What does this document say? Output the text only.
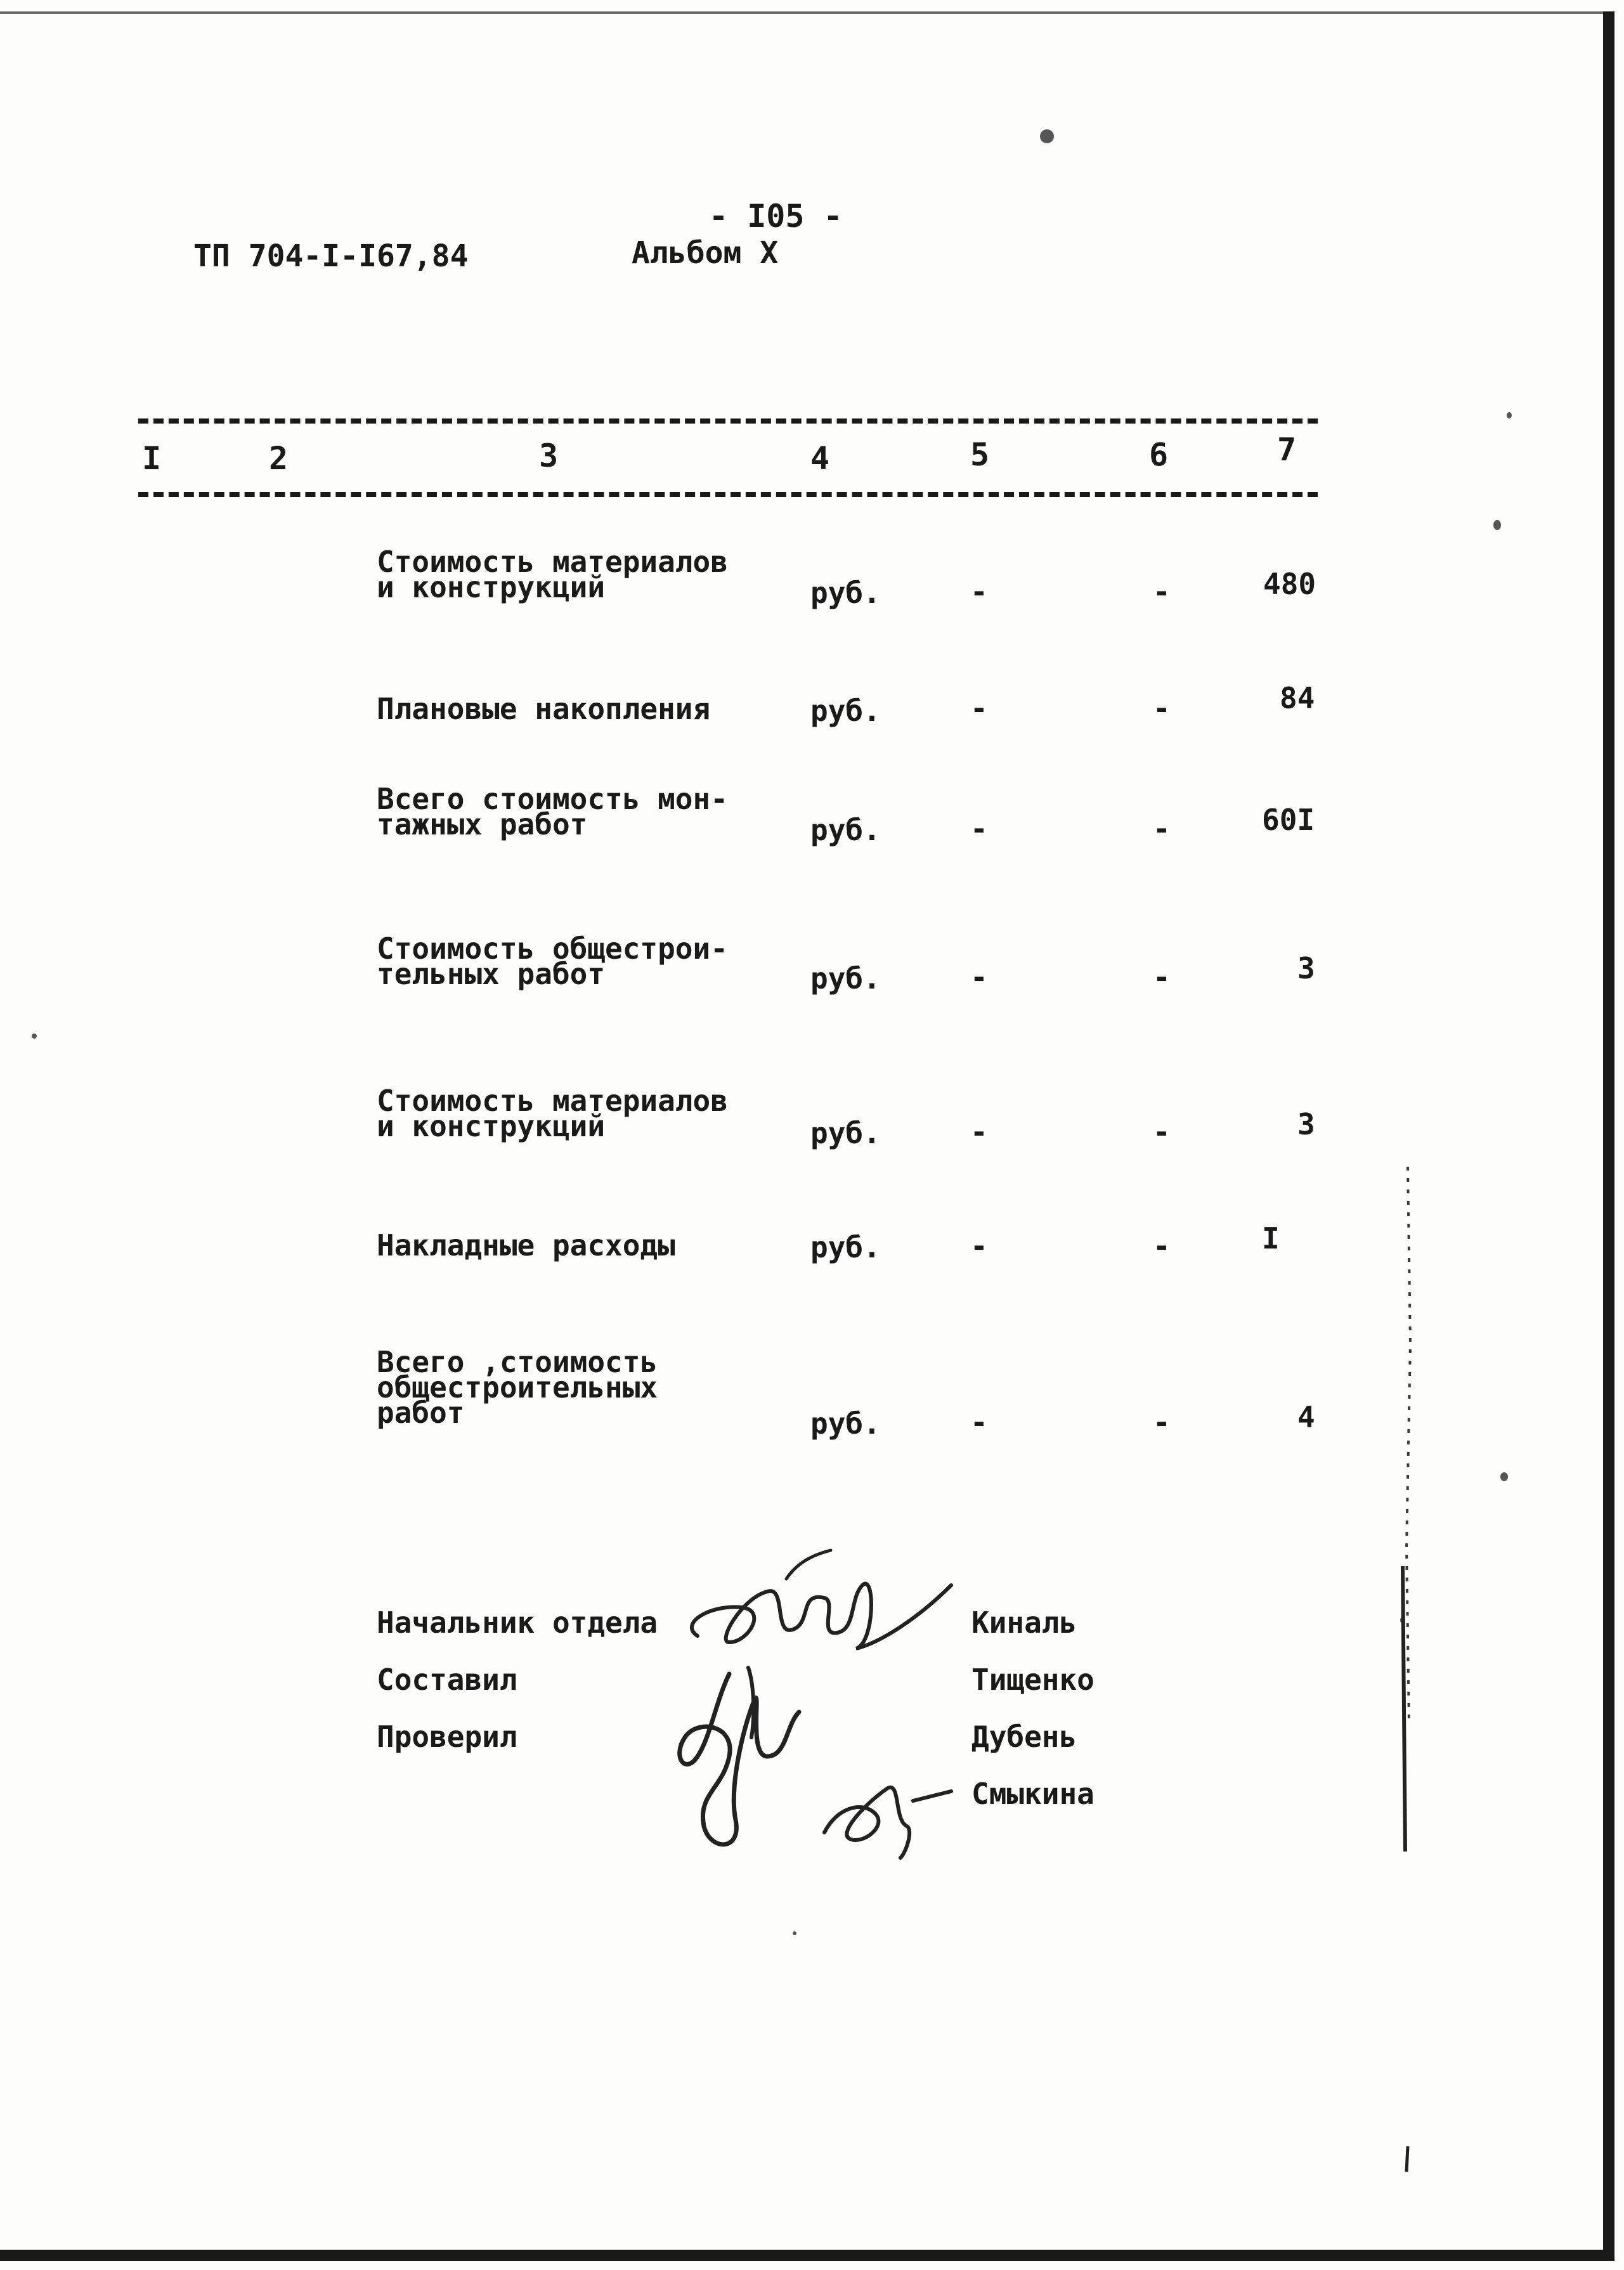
- I05 -
ТП 704-I-I67,84	Альбом X
I	2	3	4	5	6	7
Стоимость материалов
и конструкций	руб.	-	-	480
Плановые накопления	руб.	-	-	84
Всего стоимость мон-
тажных работ	руб.	-	-	60I
Стоимость общестрои-
тельных работ	руб.	-	-	3
Стоимость материалов
и конструкций	руб.	-	-	3
Накладные расходы	руб.	-	-	I
Всего ,стоимость
общестроительных
работ	руб.	-	-	4
Начальник отдела	Киналь
Составил	Тищенко
Проверил	Дубень
Смыкина
